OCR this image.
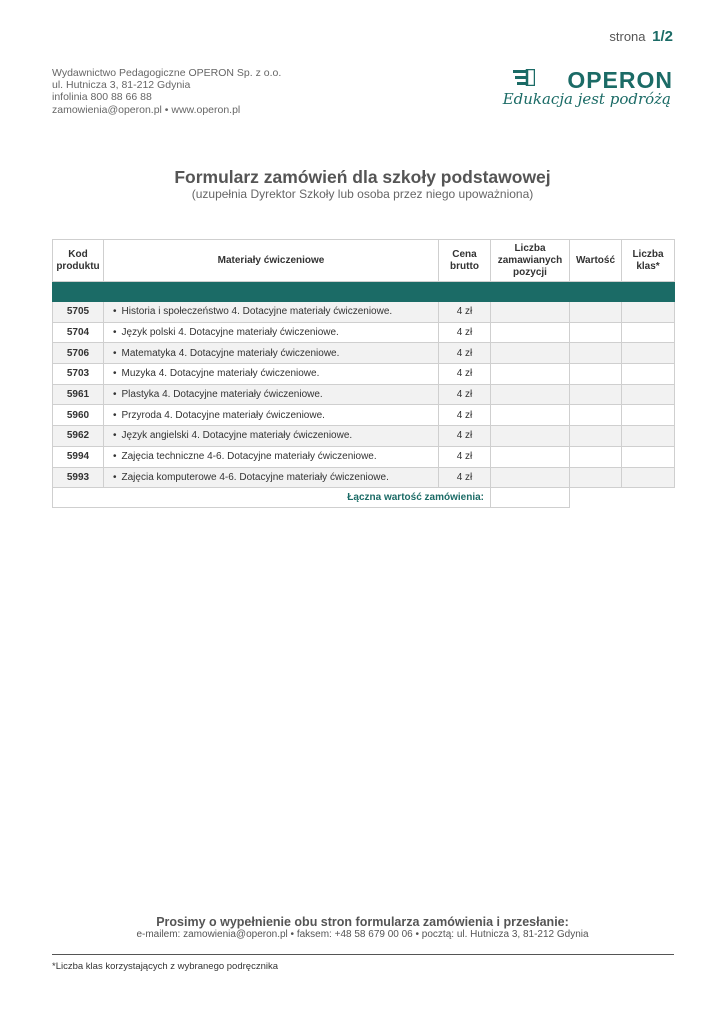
strona 1/2
Wydawnictwo Pedagogiczne OPERON Sp. z o.o.
ul. Hutnicza 3, 81-212 Gdynia
infolinia 800 88 66 88
zamowienia@operon.pl • www.operon.pl
OPERON
Edukacja jest podróżą
Formularz zamówień dla szkoły podstawowej
(uzupełnia Dyrektor Szkoły lub osoba przez niego upoważniona)
Kod produktu	Materiały ćwiczeniowe	Cena brutto	Liczba zamawianych pozycji	Wartość	Liczba klas*

5705	• Historia i społeczeństwo 4. Dotacyjne materiały ćwiczeniowe.	4 zł			
5704	• Język polski 4. Dotacyjne materiały ćwiczeniowe.	4 zł			
5706	• Matematyka 4. Dotacyjne materiały ćwiczeniowe.	4 zł			
5703	• Muzyka 4. Dotacyjne materiały ćwiczeniowe.	4 zł			
5961	• Plastyka 4. Dotacyjne materiały ćwiczeniowe.	4 zł			
5960	• Przyroda 4. Dotacyjne materiały ćwiczeniowe.	4 zł			
5962	• Język angielski 4. Dotacyjne materiały ćwiczeniowe.	4 zł			
5994	• Zajęcia techniczne 4-6. Dotacyjne materiały ćwiczeniowe.	4 zł			
5993	• Zajęcia komputerowe 4-6. Dotacyjne materiały ćwiczeniowe.	4 zł			
Łączna wartość zamówienia:					
Prosimy o wypełnienie obu stron formularza zamówienia i przesłanie:
e-mailem: zamowienia@operon.pl • faksem: +48 58 679 00 06 • pocztą: ul. Hutnicza 3, 81-212 Gdynia
*Liczba klas korzystających z wybranego podręcznika
